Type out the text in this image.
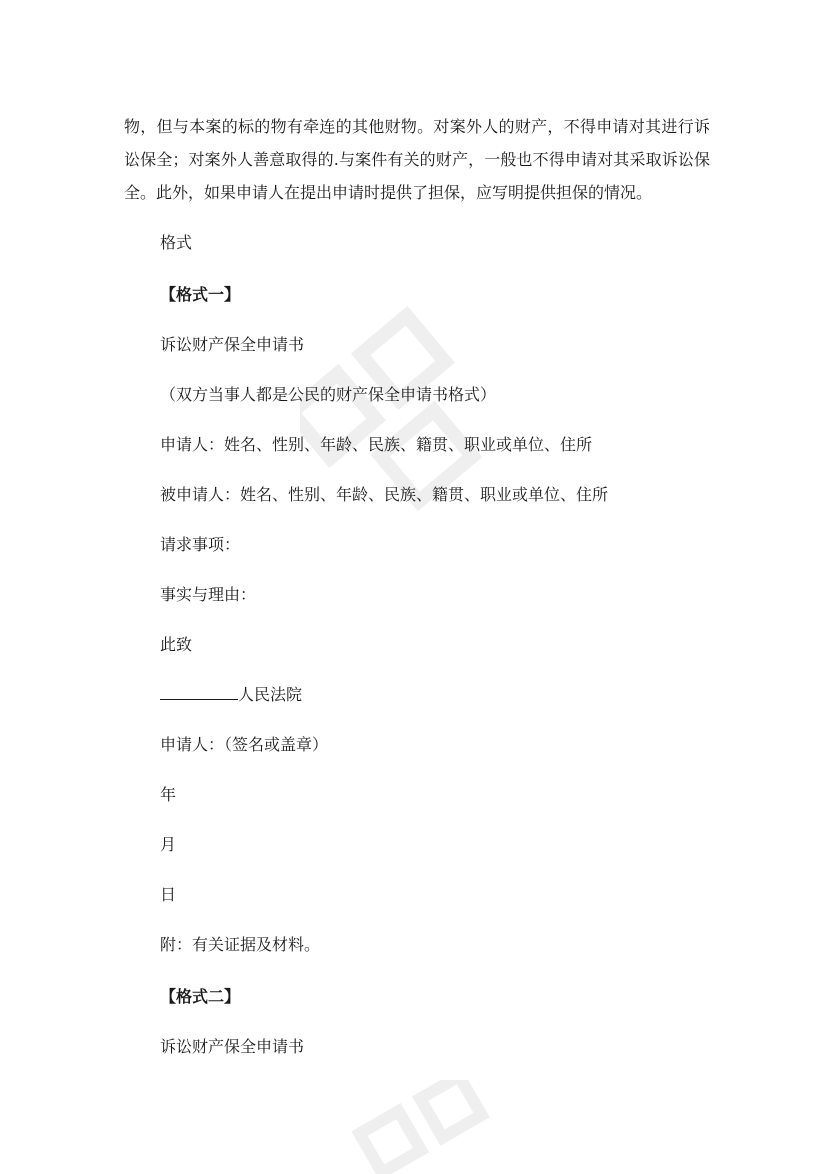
物，但与本案的标的物有牵连的其他财物。对案外人的财产，不得申请对其进行诉讼保全；对案外人善意取得的.与案件有关的财产，一般也不得申请对其采取诉讼保全。此外，如果申请人在提出申请时提供了担保，应写明提供担保的情况。

格式
【格式一】
诉讼财产保全申请书
（双方当事人都是公民的财产保全申请书格式）
申请人：姓名、性别、年龄、民族、籍贯、职业或单位、住所
被申请人：姓名、性别、年龄、民族、籍贯、职业或单位、住所
请求事项：
事实与理由：
此致
人民法院
申请人：（签名或盖章）
年
月
日
附：有关证据及材料。
【格式二】
诉讼财产保全申请书
